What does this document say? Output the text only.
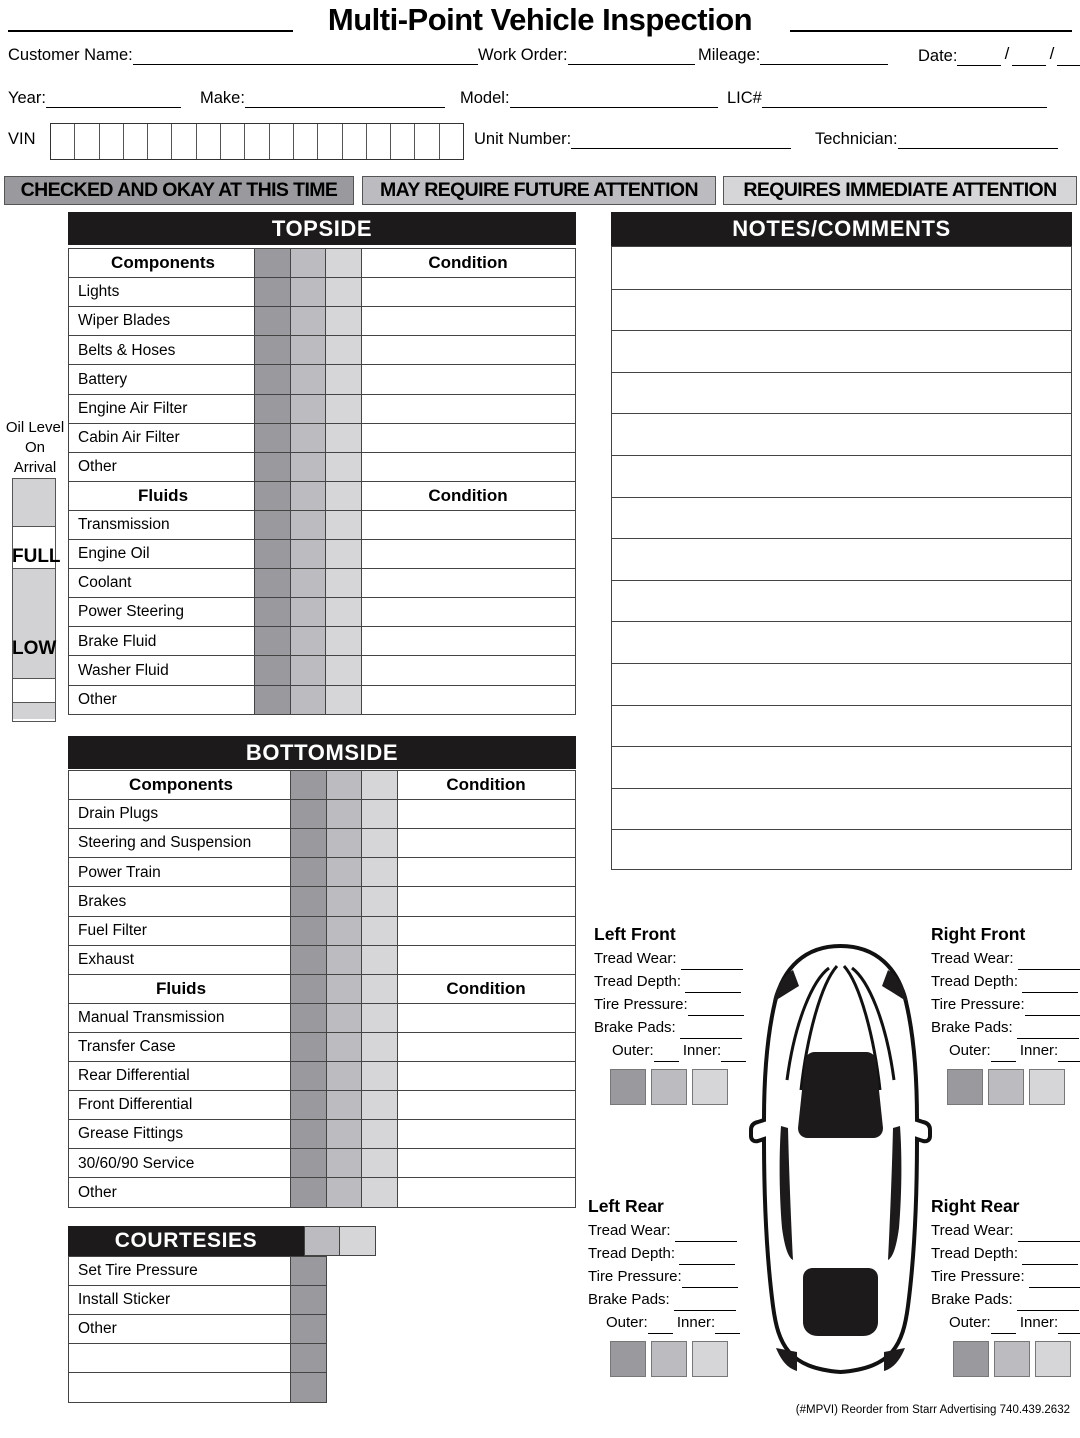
Multi-Point Vehicle Inspection
Customer Name:	Work Order:	Mileage:	Date:	/ /
Year:	Make:	Model:	LIC#
VIN	Unit Number:	Technician:
CHECKED AND OKAY AT THIS TIME MAY REQUIRE FUTURE ATTENTION REQUIRES IMMEDIATE ATTENTION
Oil Level
On Arrival
FULL
LOW
TOPSIDE
Components	Condition
Lights
Wiper Blades
Belts & Hoses
Battery
Engine Air Filter
Cabin Air Filter
Other
Fluids	Condition
Transmission
Engine Oil
Coolant
Power Steering
Brake Fluid
Washer Fluid
Other
BOTTOMSIDE
Components	Condition
Drain Plugs
Steering and Suspension
Power Train
Brakes
Fuel Filter
Exhaust
Fluids	Condition
Manual Transmission
Transfer Case
Rear Differential
Front Differential
Grease Fittings
30/60/90 Service
Other
COURTESIES
Set Tire Pressure
Install Sticker
Other
NOTES/COMMENTS
Left Front
Tread Wear:
Tread Depth:
Tire Pressure:
Brake Pads:
Outer: Inner:
Right Front
Tread Wear:
Tread Depth:
Tire Pressure:
Brake Pads:
Outer: Inner:
Left Rear
Tread Wear:
Tread Depth:
Tire Pressure:
Brake Pads:
Outer: Inner:
Right Rear
Tread Wear:
Tread Depth:
Tire Pressure:
Brake Pads:
Outer: Inner:
(#MPVI) Reorder from Starr Advertising 740.439.2632
